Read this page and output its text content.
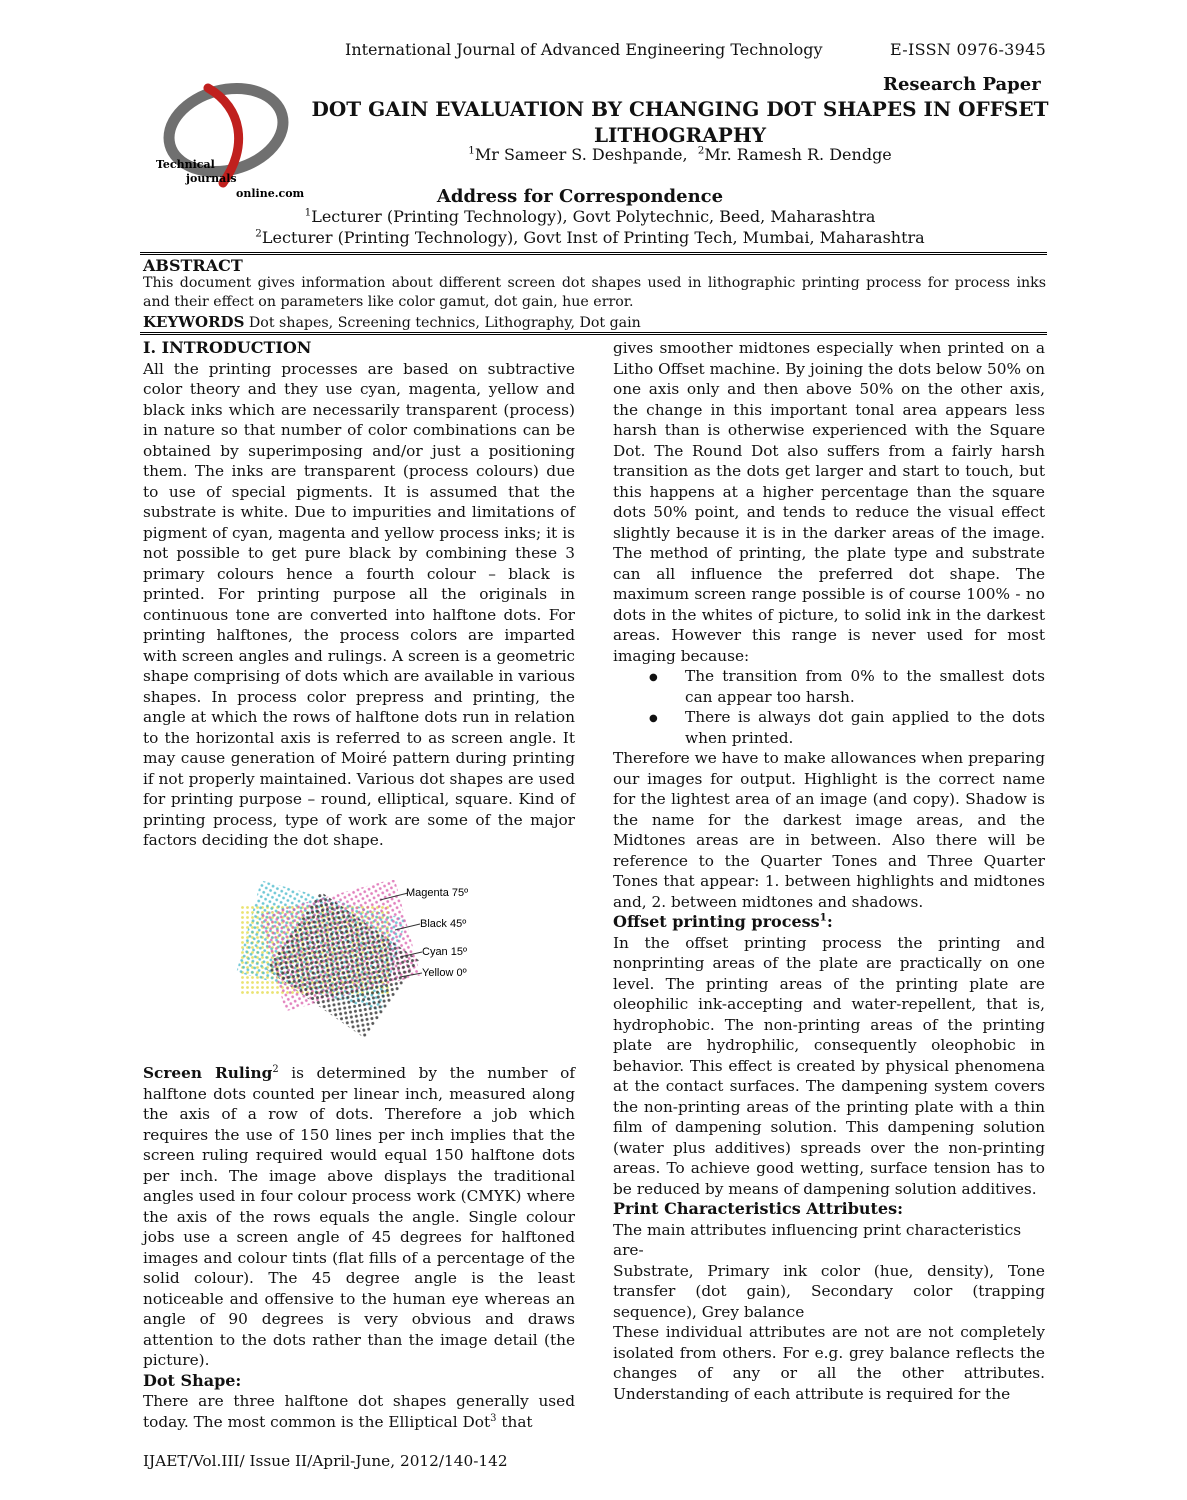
International Journal of Advanced Engineering Technology	E-ISSN 0976-3945
Research Paper
Technical
journals
online.com
DOT GAIN EVALUATION BY CHANGING DOT SHAPES IN OFFSET LITHOGRAPHY
$^1$Mr Sameer S. Deshpande, $^2$Mr. Ramesh R. Dendge
Address for Correspondence
$^1$Lecturer (Printing Technology), Govt Polytechnic, Beed, Maharashtra
$^2$Lecturer (Printing Technology), Govt Inst of Printing Tech, Mumbai, Maharashtra
ABSTRACT
This document gives information about different screen dot shapes used in lithographic printing process for process inks and their effect on parameters like color gamut, dot gain, hue error.
KEYWORDS Dot shapes, Screening technics, Lithography, Dot gain
I. INTRODUCTION

All the printing processes are based on subtractive color theory and they use cyan, magenta, yellow and black inks which are necessarily transparent (process) in nature so that number of color combinations can be obtained by superimposing and/or just a positioning them. The inks are transparent (process colours) due to use of special pigments. It is assumed that the substrate is white. Due to impurities and limitations of pigment of cyan, magenta and yellow process inks; it is not possible to get pure black by combining these 3 primary colours hence a fourth colour – black is printed. For printing purpose all the originals in continuous tone are converted into halftone dots. For printing halftones, the process colors are imparted with screen angles and rulings. A screen is a geometric shape comprising of dots which are available in various shapes. In process color prepress and printing, the angle at which the rows of halftone dots run in relation to the horizontal axis is referred to as screen angle. It may cause generation of Moiré pattern during printing if not properly maintained. Various dot shapes are used for printing purpose – round, elliptical, square. Kind of printing process, type of work are some of the major factors deciding the dot shape.

Magenta 75º
Black 45º
Cyan 15º
Yellow 0º

Screen Ruling$^2$ is determined by the number of halftone dots counted per linear inch, measured along the axis of a row of dots. Therefore a job which requires the use of 150 lines per inch implies that the screen ruling required would equal 150 halftone dots per inch. The image above displays the traditional angles used in four colour process work (CMYK) where the axis of the rows equals the angle. Single colour jobs use a screen angle of 45 degrees for halftoned images and colour tints (flat fills of a percentage of the solid colour). The 45 degree angle is the least noticeable and offensive to the human eye whereas an angle of 90 degrees is very obvious and draws attention to the dots rather than the image detail (the picture).

Dot Shape:

There are three halftone dot shapes generally used today. The most common is the Elliptical Dot$^3$ that

gives smoother midtones especially when printed on a Litho Offset machine. By joining the dots below 50% on one axis only and then above 50% on the other axis, the change in this important tonal area appears less harsh than is otherwise experienced with the Square Dot. The Round Dot also suffers from a fairly harsh transition as the dots get larger and start to touch, but this happens at a higher percentage than the square dots 50% point, and tends to reduce the visual effect slightly because it is in the darker areas of the image. The method of printing, the plate type and substrate can all influence the preferred dot shape. The maximum screen range possible is of course 100% - no dots in the whites of picture, to solid ink in the darkest areas. However this range is never used for most imaging because:

● The transition from 0% to the smallest dots can appear too harsh.
● There is always dot gain applied to the dots when printed.

Therefore we have to make allowances when preparing our images for output. Highlight is the correct name for the lightest area of an image (and copy). Shadow is the name for the darkest image areas, and the Midtones areas are in between. Also there will be reference to the Quarter Tones and Three Quarter Tones that appear: 1. between highlights and midtones and, 2. between midtones and shadows.

Offset printing process$^1$:

In the offset printing process the printing and nonprinting areas of the plate are practically on one level. The printing areas of the printing plate are oleophilic ink-accepting and water-repellent, that is, hydrophobic. The non-printing areas of the printing plate are hydrophilic, consequently oleophobic in behavior. This effect is created by physical phenomena at the contact surfaces. The dampening system covers the non-printing areas of the printing plate with a thin film of dampening solution. This dampening solution (water plus additives) spreads over the non-printing areas. To achieve good wetting, surface tension has to be reduced by means of dampening solution additives.

Print Characteristics Attributes:

The main attributes influencing print characteristics are-

Substrate, Primary ink color (hue, density), Tone transfer (dot gain), Secondary color (trapping sequence), Grey balance

These individual attributes are not are not completely isolated from others. For e.g. grey balance reflects the changes of any or all the other attributes. Understanding of each attribute is required for the

IJAET/Vol.III/ Issue II/April-June, 2012/140-142
